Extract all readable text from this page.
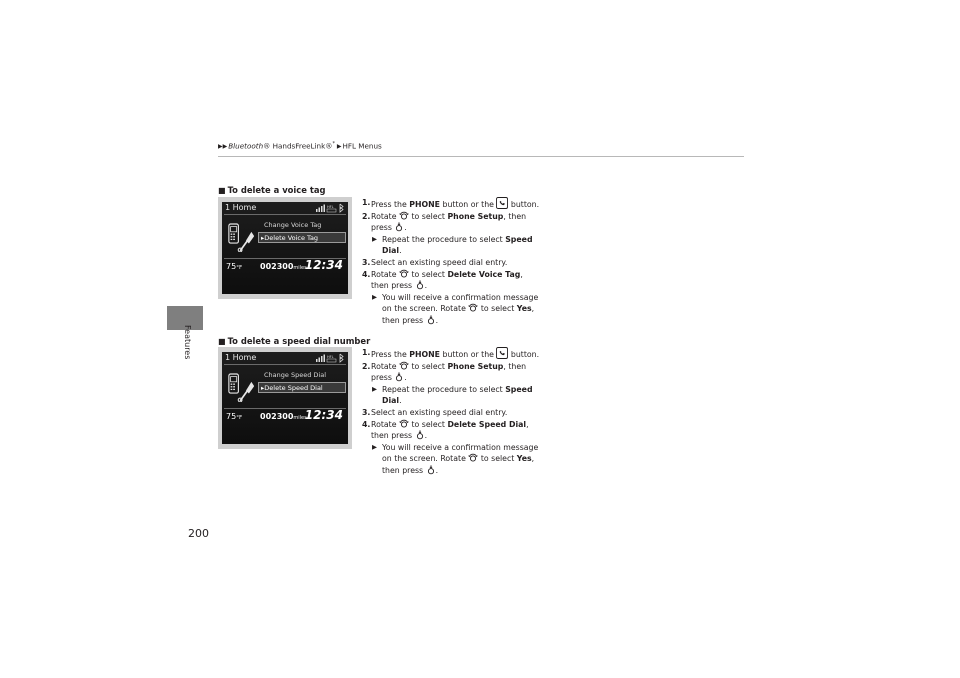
▶▶Bluetooth® HandsFreeLink®* ▶HFL Menus
Features
200
■ To delete a voice tag
1 Home	HFL
Change Voice Tag
▸Delete Voice Tag
75°F 002300miles
12:34
1. Press the PHONE button or the  button.
2. Rotate  to select Phone Setup, then
press .
▶ Repeat the procedure to select Speed
Dial.
3. Select an existing speed dial entry.
4. Rotate  to select Delete Voice Tag,
then press .
▶ You will receive a confirmation message
on the screen. Rotate  to select Yes,
then press .
■ To delete a speed dial number
1 Home	HFL
Change Speed Dial
▸Delete Speed Dial
75°F 002300miles
12:34
1. Press the PHONE button or the  button.
2. Rotate  to select Phone Setup, then
press .
▶ Repeat the procedure to select Speed
Dial.
3. Select an existing speed dial entry.
4. Rotate  to select Delete Speed Dial,
then press .
▶ You will receive a confirmation message
on the screen. Rotate  to select Yes,
then press .
